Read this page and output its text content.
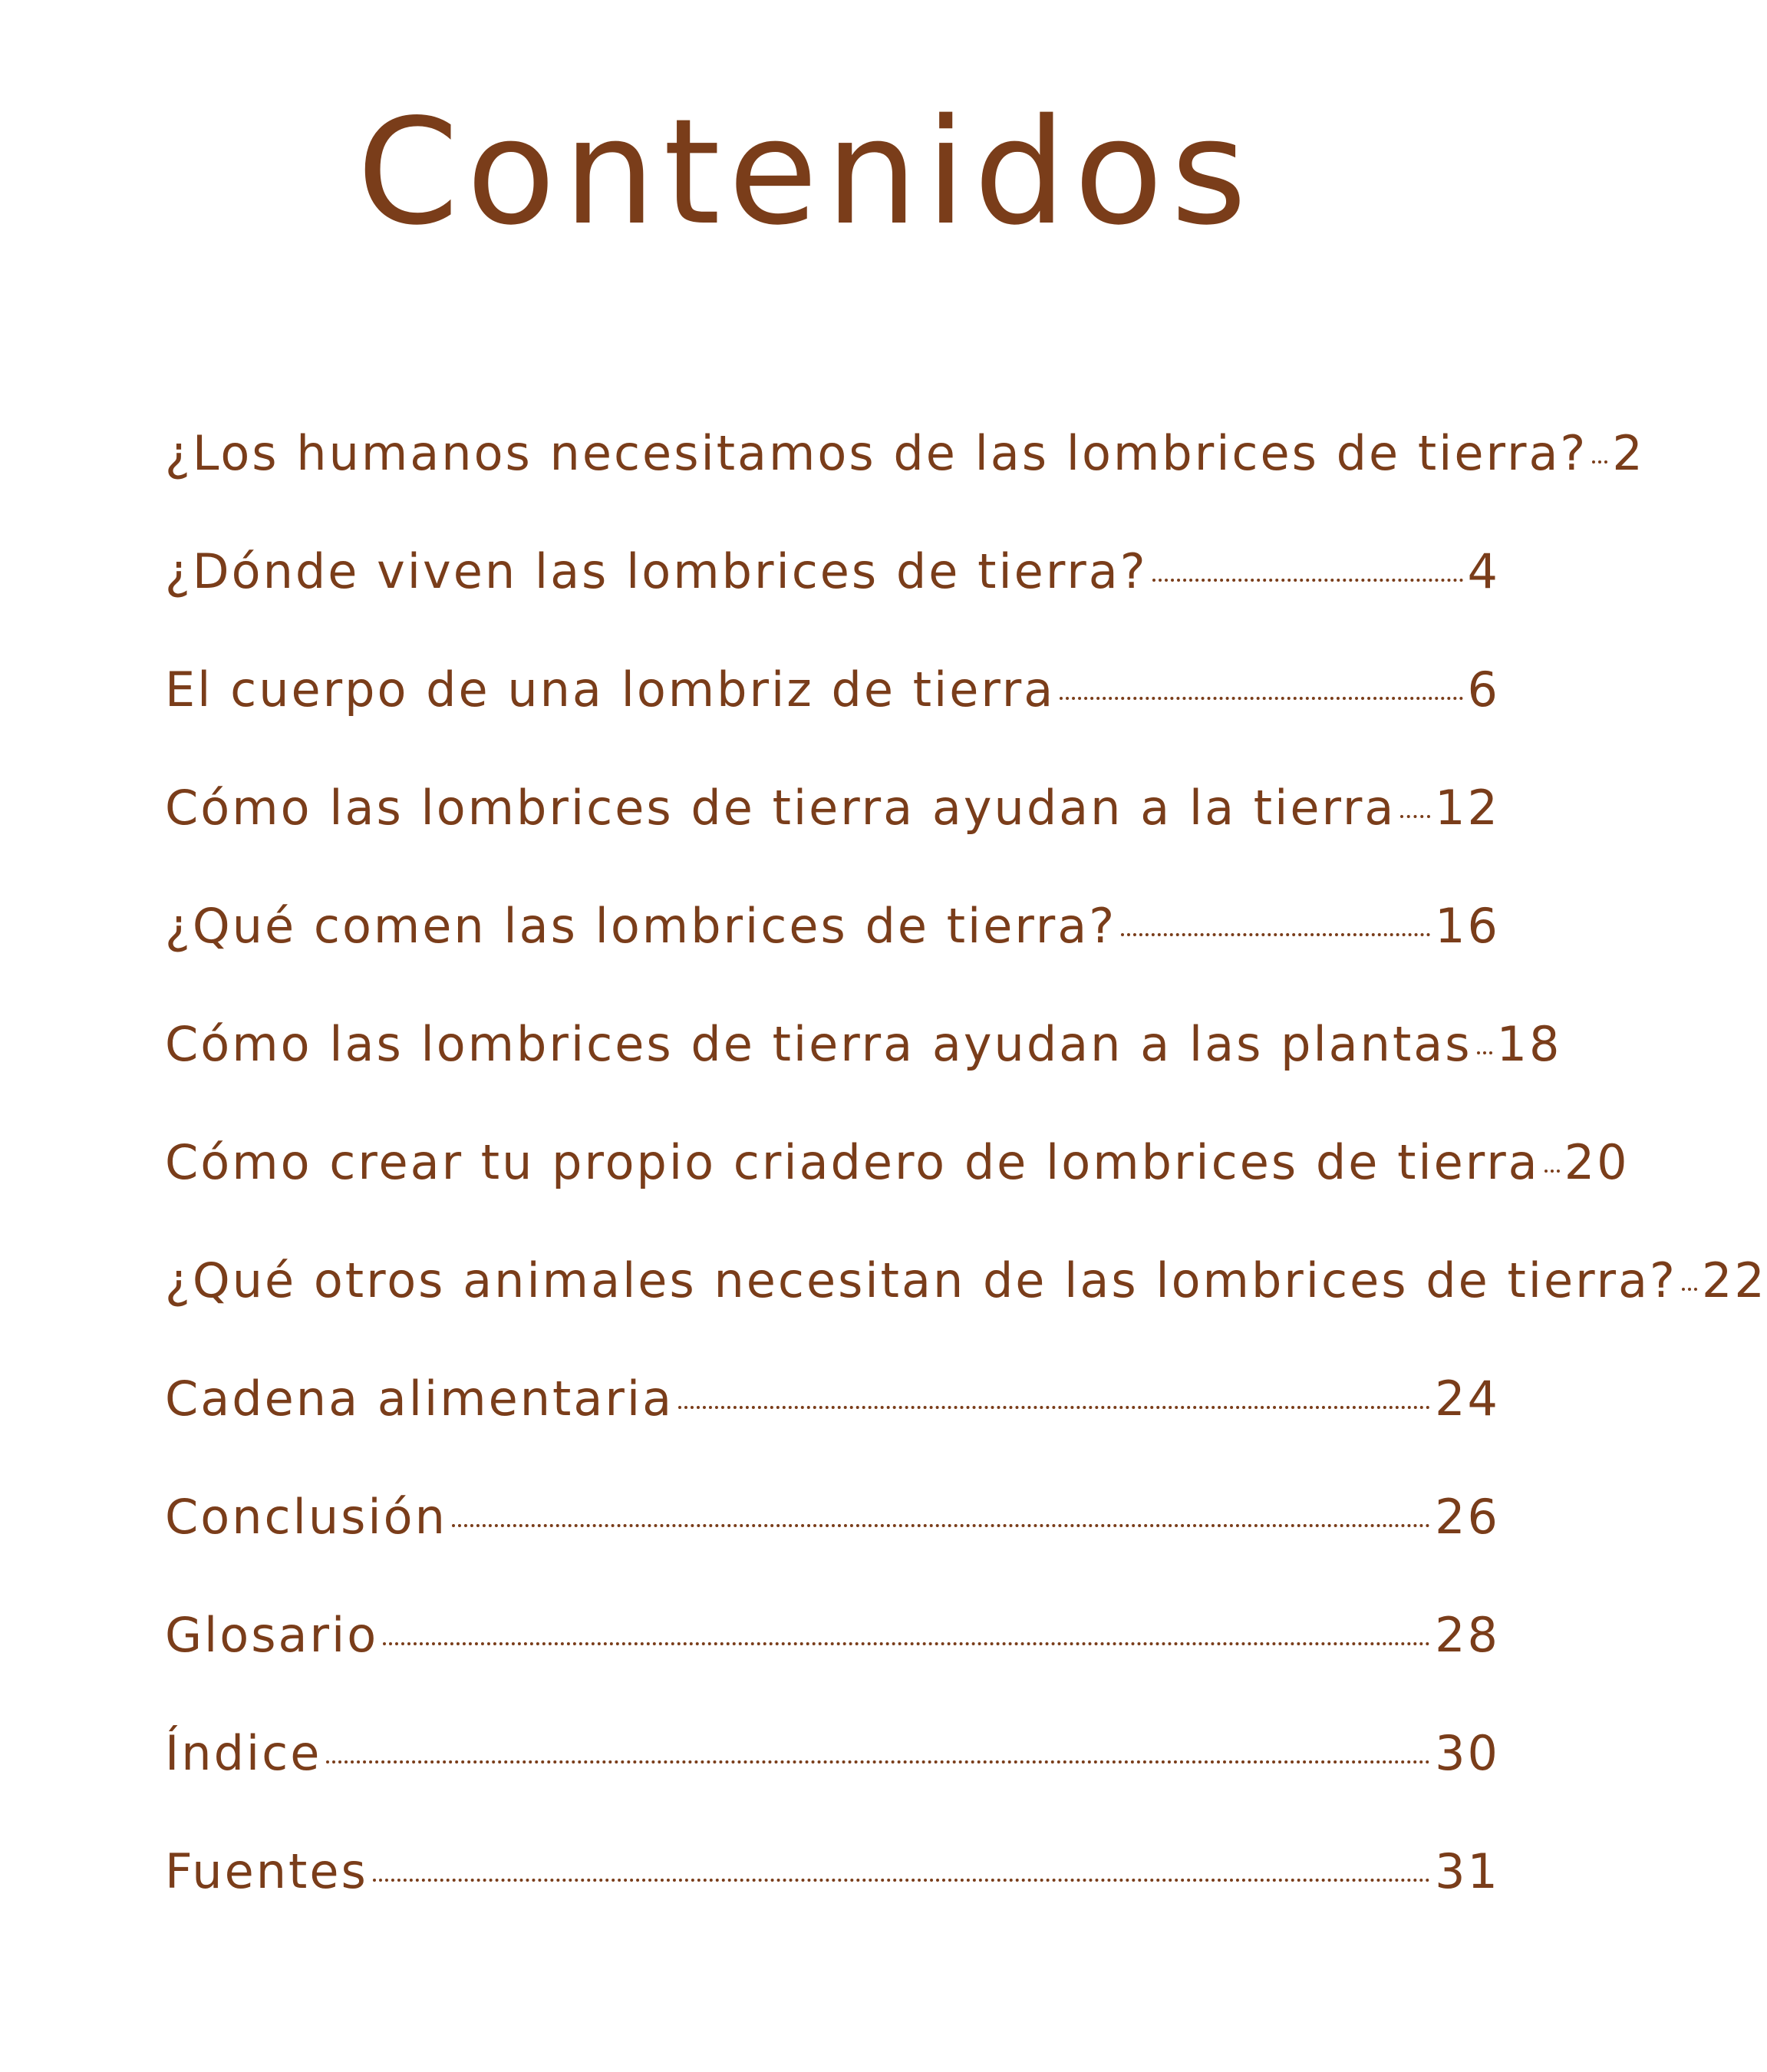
Contenidos
¿Los humanos necesitamos de las lombrices de tierra? 2
¿Dónde viven las lombrices de tierra?	4
El cuerpo de una lombriz de tierra	6
Cómo las lombrices de tierra ayudan a la tierra 12
¿Qué comen las lombrices de tierra?	16
Cómo las lombrices de tierra ayudan a las plantas 18
Cómo crear tu propio criadero de lombrices de tierra 20
¿Qué otros animales necesitan de las lombrices de tierra? 22
Cadena alimentaria	24
Conclusión	26
Glosario	28
Índice	30
Fuentes	31
